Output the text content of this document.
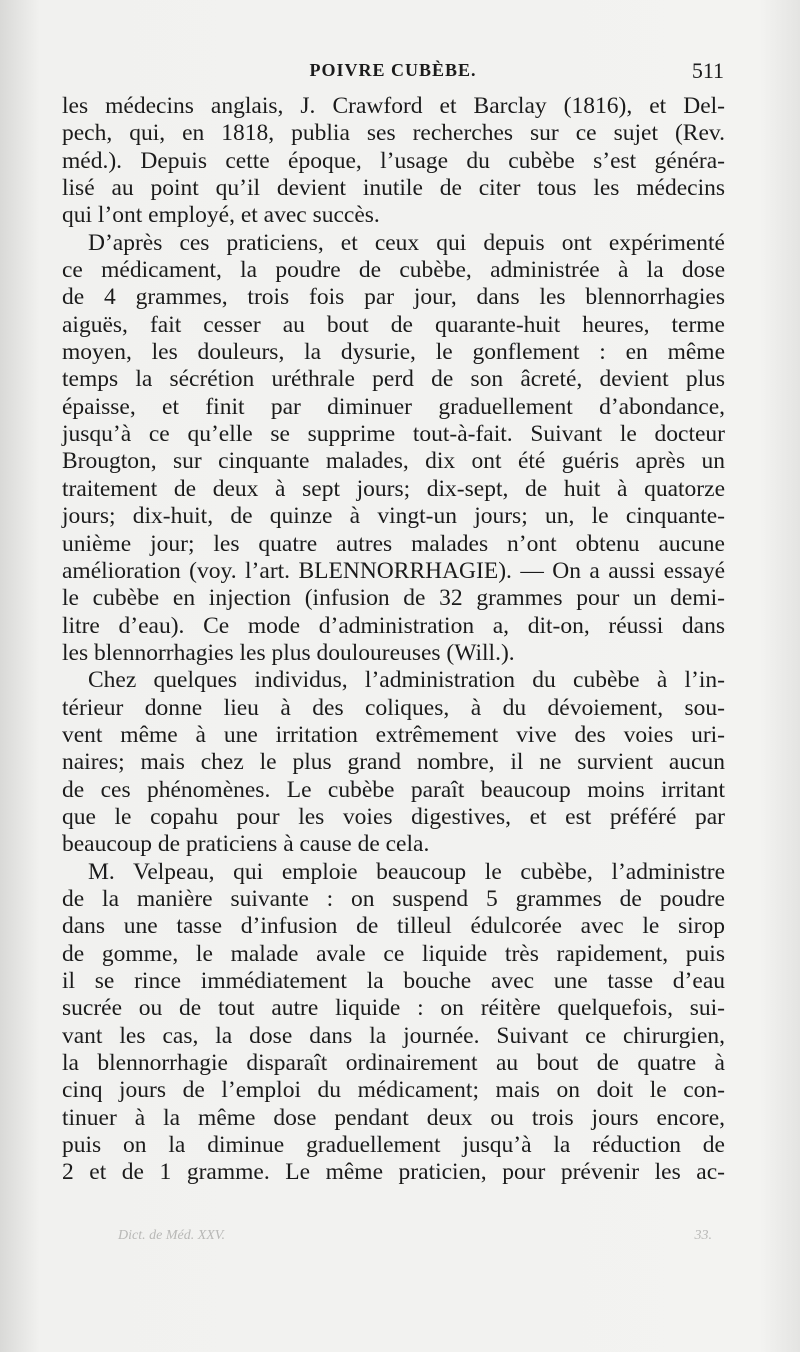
POIVRE CUBÈBE.	511
les médecins anglais, J. Crawford et Barclay (1816), et Del-
pech, qui, en 1818, publia ses recherches sur ce sujet (Rev.
méd.). Depuis cette époque, l’usage du cubèbe s’est généra-
lisé au point qu’il devient inutile de citer tous les médecins
qui l’ont employé, et avec succès.
D’après ces praticiens, et ceux qui depuis ont expérimenté
ce médicament, la poudre de cubèbe, administrée à la dose
de 4 grammes, trois fois par jour, dans les blennorrhagies
aiguës, fait cesser au bout de quarante-huit heures, terme
moyen, les douleurs, la dysurie, le gonflement : en même
temps la sécrétion uréthrale perd de son âcreté, devient plus
épaisse, et finit par diminuer graduellement d’abondance,
jusqu’à ce qu’elle se supprime tout-à-fait. Suivant le docteur
Brougton, sur cinquante malades, dix ont été guéris après un
traitement de deux à sept jours; dix-sept, de huit à quatorze
jours; dix-huit, de quinze à vingt-un jours; un, le cinquante-
unième jour; les quatre autres malades n’ont obtenu aucune
amélioration (voy. l’art. BLENNORRHAGIE). — On a aussi essayé
le cubèbe en injection (infusion de 32 grammes pour un demi-
litre d’eau). Ce mode d’administration a, dit-on, réussi dans
les blennorrhagies les plus douloureuses (Will.).
Chez quelques individus, l’administration du cubèbe à l’in-
térieur donne lieu à des coliques, à du dévoiement, sou-
vent même à une irritation extrêmement vive des voies uri-
naires; mais chez le plus grand nombre, il ne survient aucun
de ces phénomènes. Le cubèbe paraît beaucoup moins irritant
que le copahu pour les voies digestives, et est préféré par
beaucoup de praticiens à cause de cela.
M. Velpeau, qui emploie beaucoup le cubèbe, l’administre
de la manière suivante : on suspend 5 grammes de poudre
dans une tasse d’infusion de tilleul édulcorée avec le sirop
de gomme, le malade avale ce liquide très rapidement, puis
il se rince immédiatement la bouche avec une tasse d’eau
sucrée ou de tout autre liquide : on réitère quelquefois, sui-
vant les cas, la dose dans la journée. Suivant ce chirurgien,
la blennorrhagie disparaît ordinairement au bout de quatre à
cinq jours de l’emploi du médicament; mais on doit le con-
tinuer à la même dose pendant deux ou trois jours encore,
puis on la diminue graduellement jusqu’à la réduction de
2 et de 1 gramme. Le même praticien, pour prévenir les ac-
Dict. de Méd. XXV.	33.
